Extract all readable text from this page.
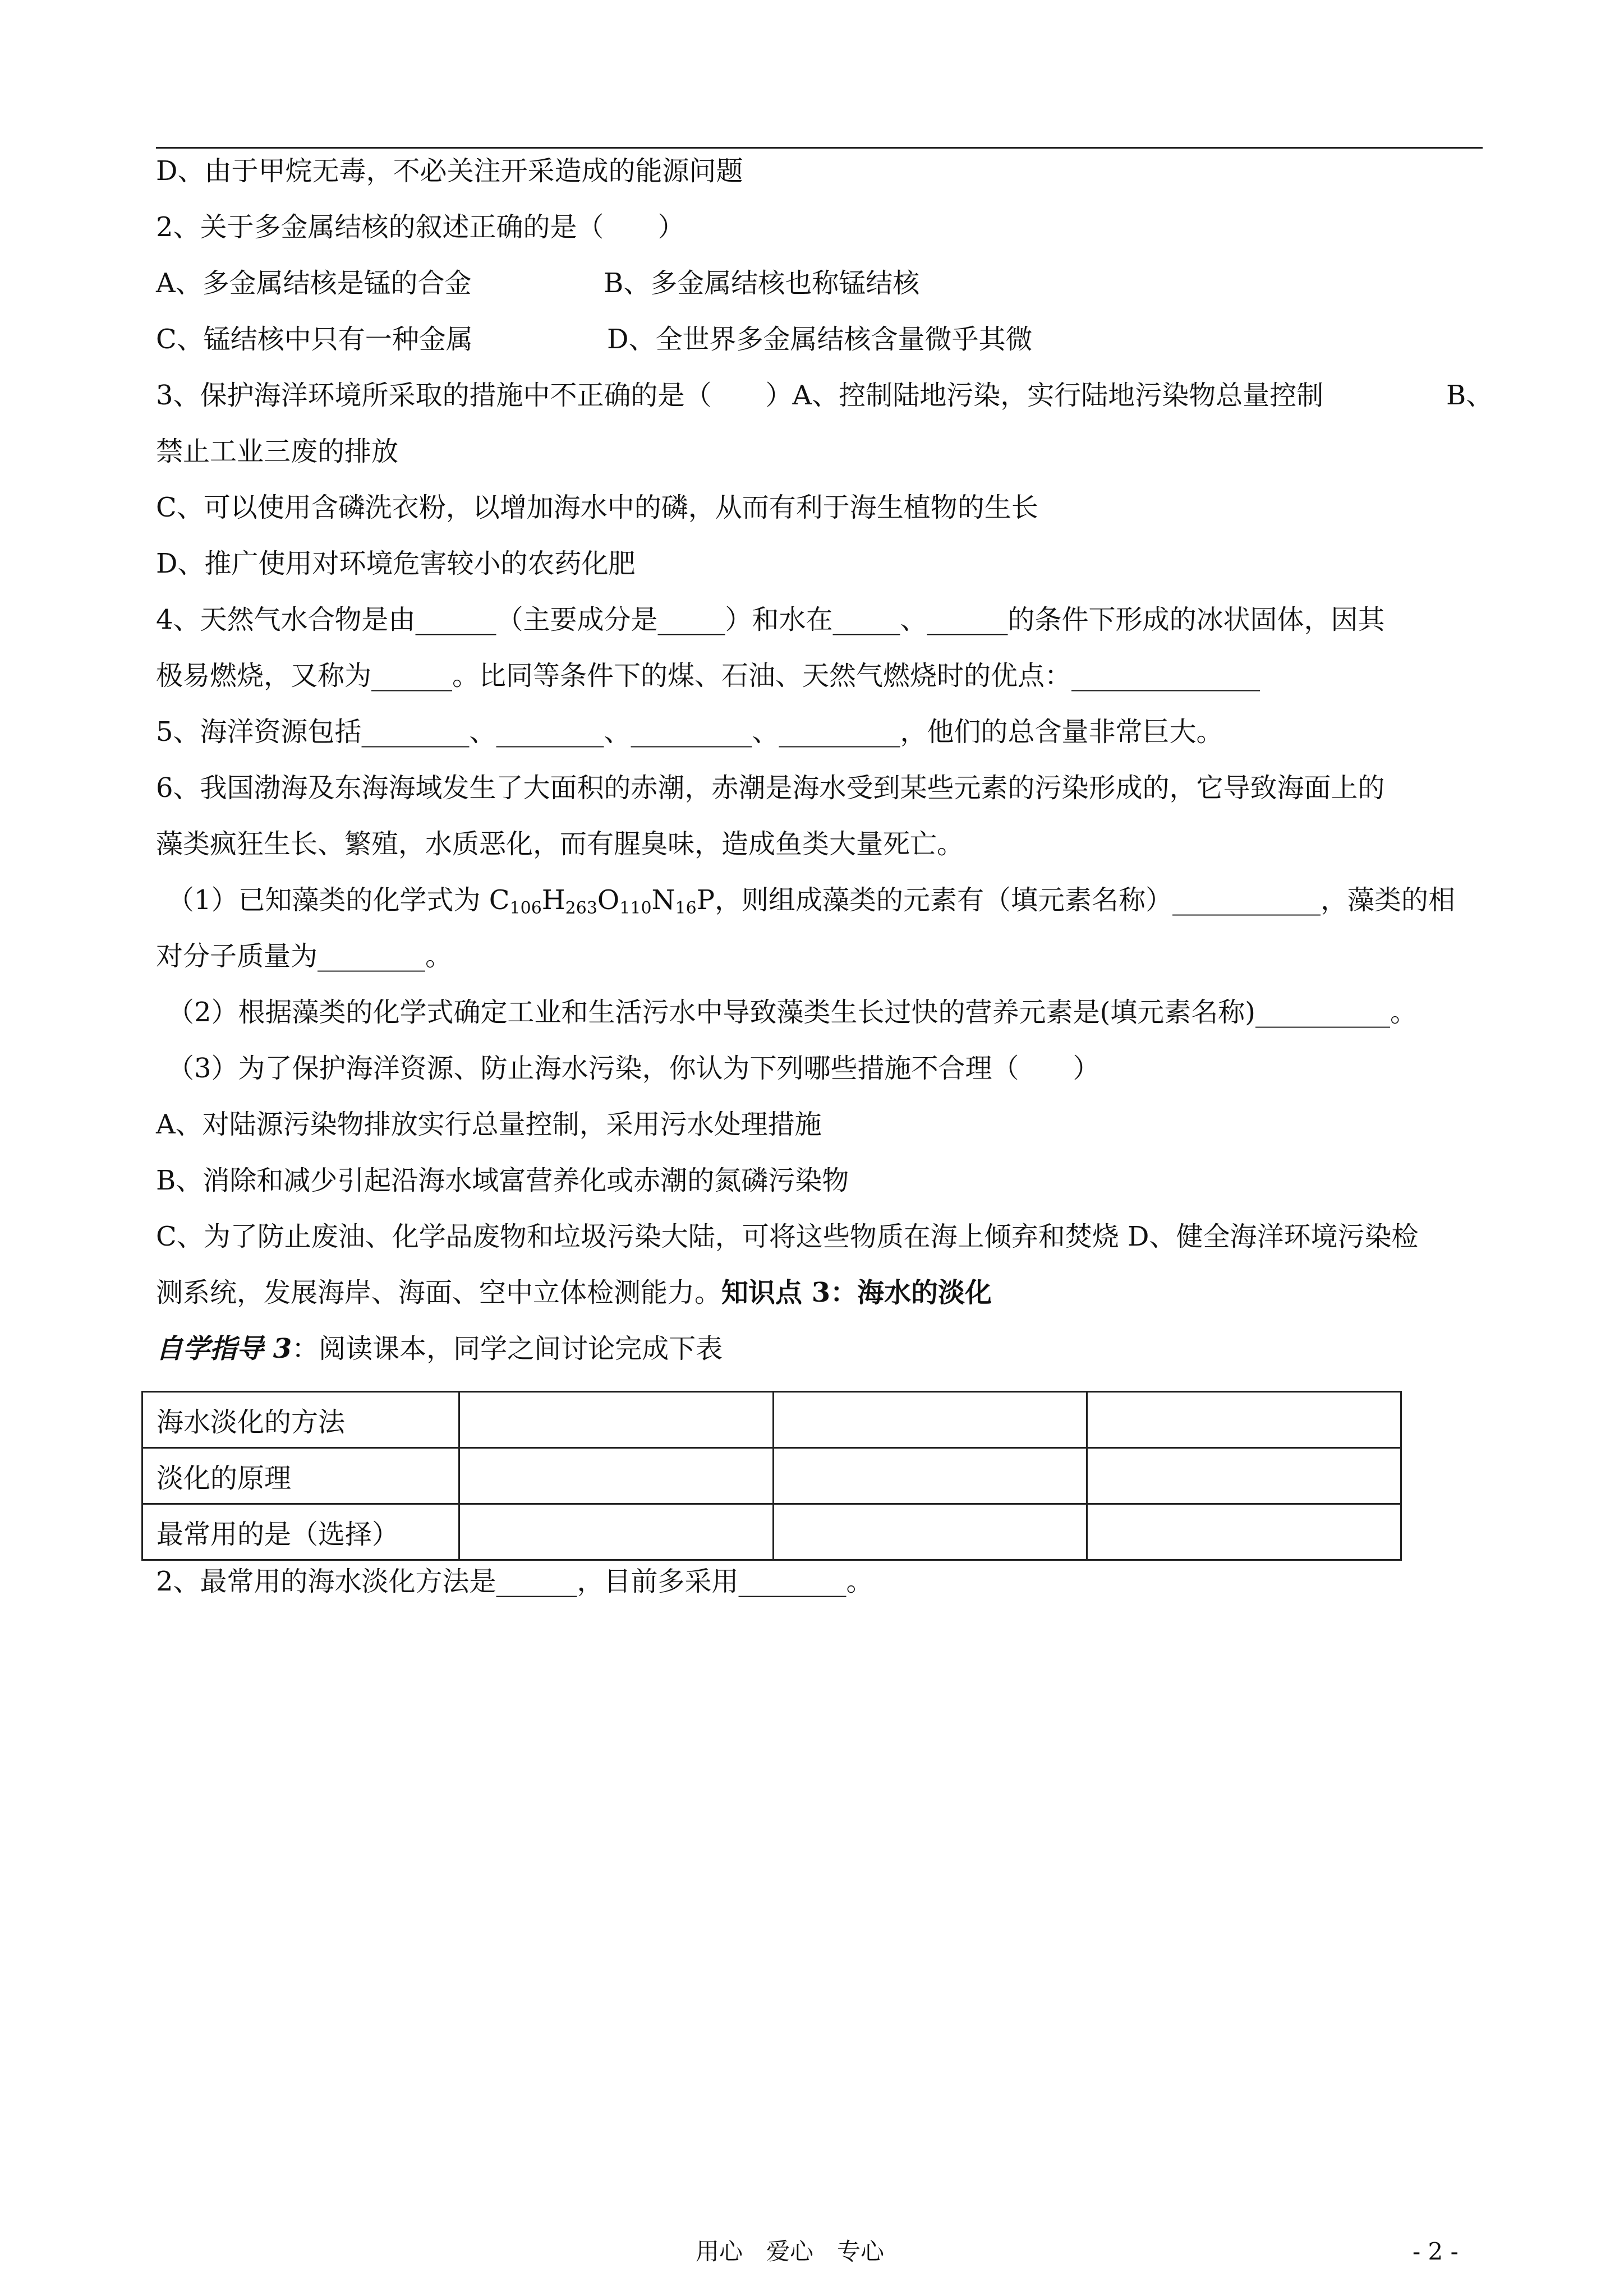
D、由于甲烷无毒，不必关注开采造成的能源问题
2、关于多金属结核的叙述正确的是（　　）
A、多金属结核是锰的合金	B、多金属结核也称锰结核
C、锰结核中只有一种金属	D、全世界多金属结核含量微乎其微
3、保护海洋环境所采取的措施中不正确的是（　　）A、控制陆地污染，实行陆地污染物总量控制	B、
禁止工业三废的排放
C、可以使用含磷洗衣粉，以增加海水中的磷，从而有利于海生植物的生长
D、推广使用对环境危害较小的农药化肥
4、天然气水合物是由______（主要成分是_____）和水在_____、______的条件下形成的冰状固体，因其
极易燃烧，又称为______。比同等条件下的煤、石油、天然气燃烧时的优点：______________
5、海洋资源包括________、________、_________、_________，他们的总含量非常巨大。
6、我国渤海及东海海域发生了大面积的赤潮，赤潮是海水受到某些元素的污染形成的，它导致海面上的
藻类疯狂生长、繁殖，水质恶化，而有腥臭味，造成鱼类大量死亡。
（1）已知藻类的化学式为 $C_{106}H_{263}O_{110}N_{16}P$，则组成藻类的元素有（填元素名称）___________，藻类的相
对分子质量为________。
（2）根据藻类的化学式确定工业和生活污水中导致藻类生长过快的营养元素是(填元素名称)__________。
（3）为了保护海洋资源、防止海水污染，你认为下列哪些措施不合理（　　）
A、对陆源污染物排放实行总量控制，采用污水处理措施
B、消除和减少引起沿海水域富营养化或赤潮的氮磷污染物
C、为了防止废油、化学品废物和垃圾污染大陆，可将这些物质在海上倾弃和焚烧 D、健全海洋环境污染检
测系统，发展海岸、海面、空中立体检测能力。知识点 3：海水的淡化
自学指导 3：阅读课本，同学之间讨论完成下表
海水淡化的方法			
淡化的原理			
最常用的是（选择）			
2、最常用的海水淡化方法是______，目前多采用________。
用心　爱心　专心	- 2 -
